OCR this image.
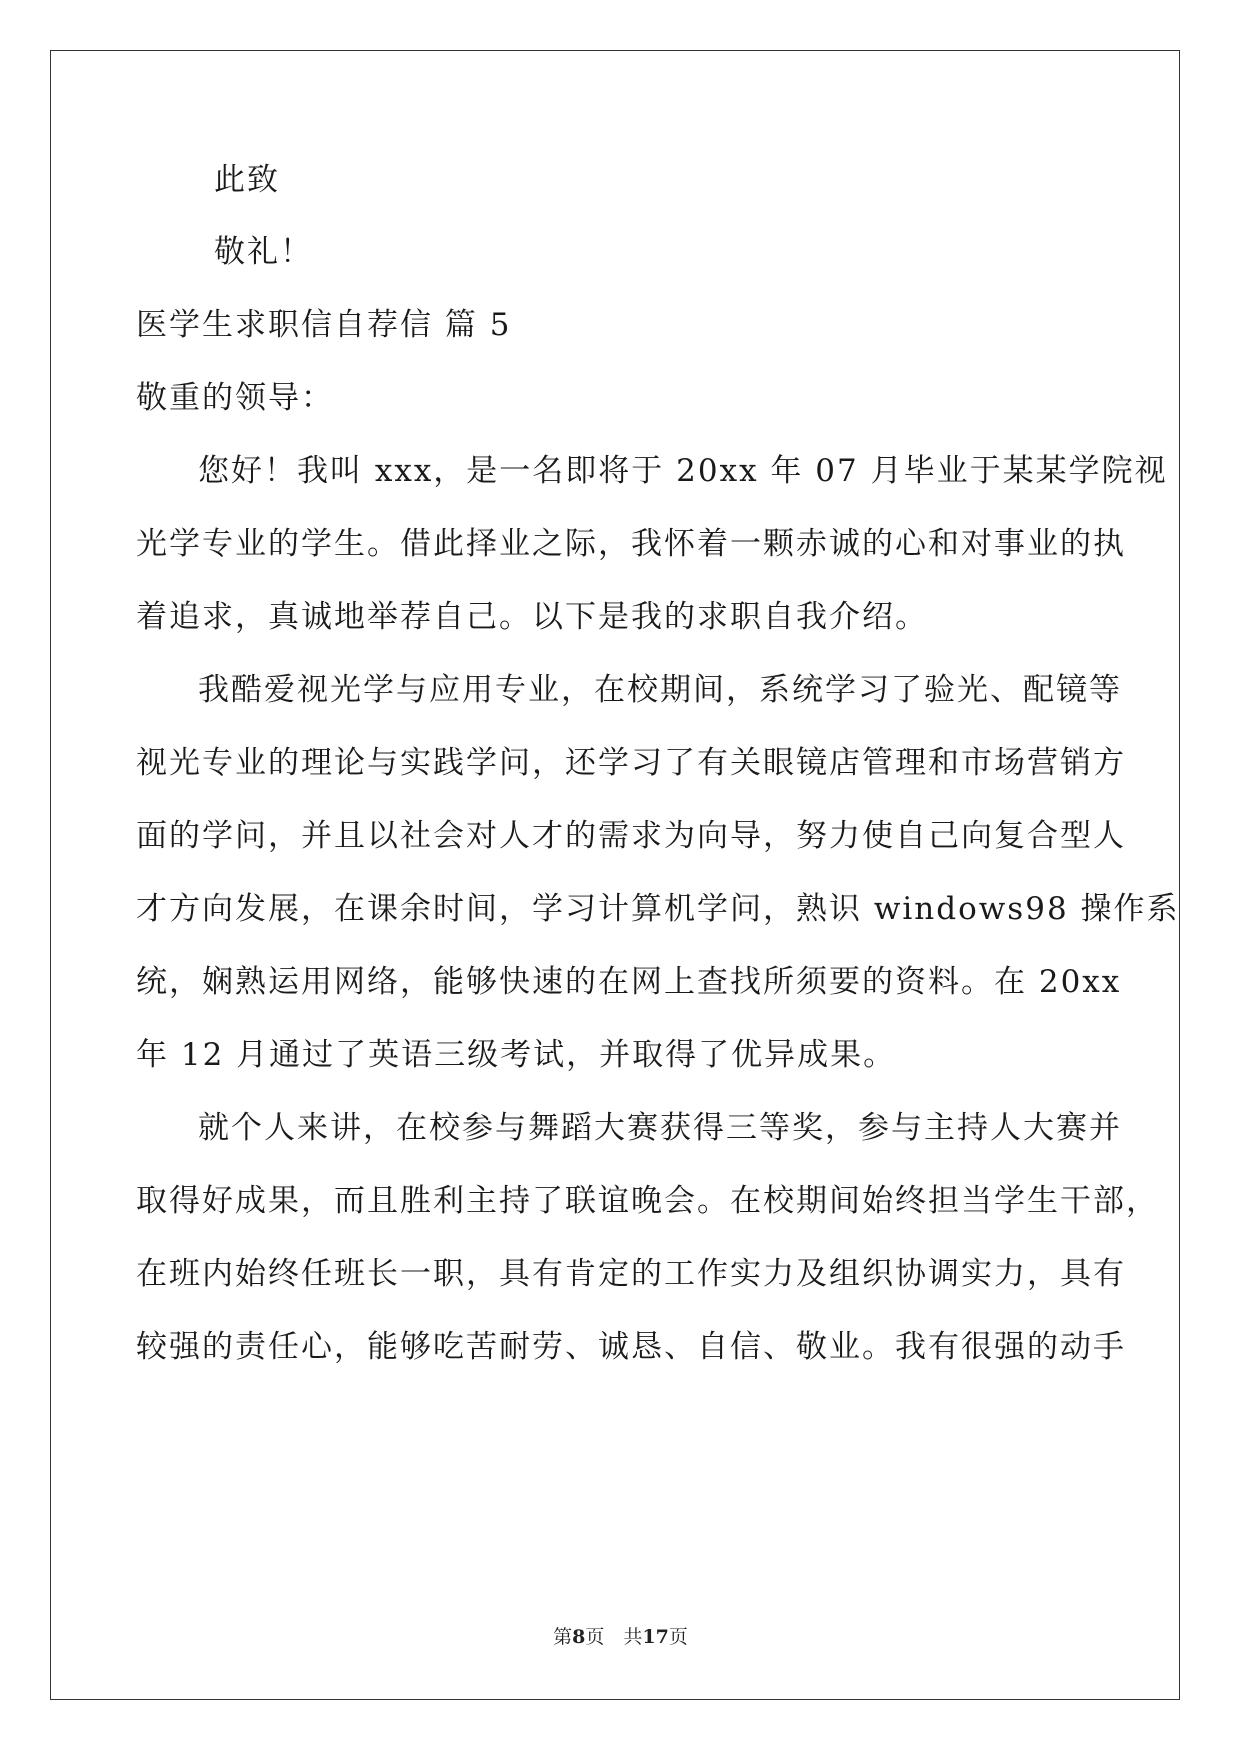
此致
敬礼！
医学生求职信自荐信 篇 5
敬重的领导：
您好！我叫 xxx，是一名即将于 20xx 年 07 月毕业于某某学院视
光学专业的学生。借此择业之际，我怀着一颗赤诚的心和对事业的执
着追求，真诚地举荐自己。以下是我的求职自我介绍。
我酷爱视光学与应用专业，在校期间，系统学习了验光、配镜等
视光专业的理论与实践学问，还学习了有关眼镜店管理和市场营销方
面的学问，并且以社会对人才的需求为向导，努力使自己向复合型人
才方向发展，在课余时间，学习计算机学问，熟识 windows98 操作系
统，娴熟运用网络，能够快速的在网上查找所须要的资料。在 20xx
年 12 月通过了英语三级考试，并取得了优异成果。
就个人来讲，在校参与舞蹈大赛获得三等奖，参与主持人大赛并
取得好成果，而且胜利主持了联谊晚会。在校期间始终担当学生干部，
在班内始终任班长一职，具有肯定的工作实力及组织协调实力，具有
较强的责任心，能够吃苦耐劳、诚恳、自信、敬业。我有很强的动手
第8页　共17页
